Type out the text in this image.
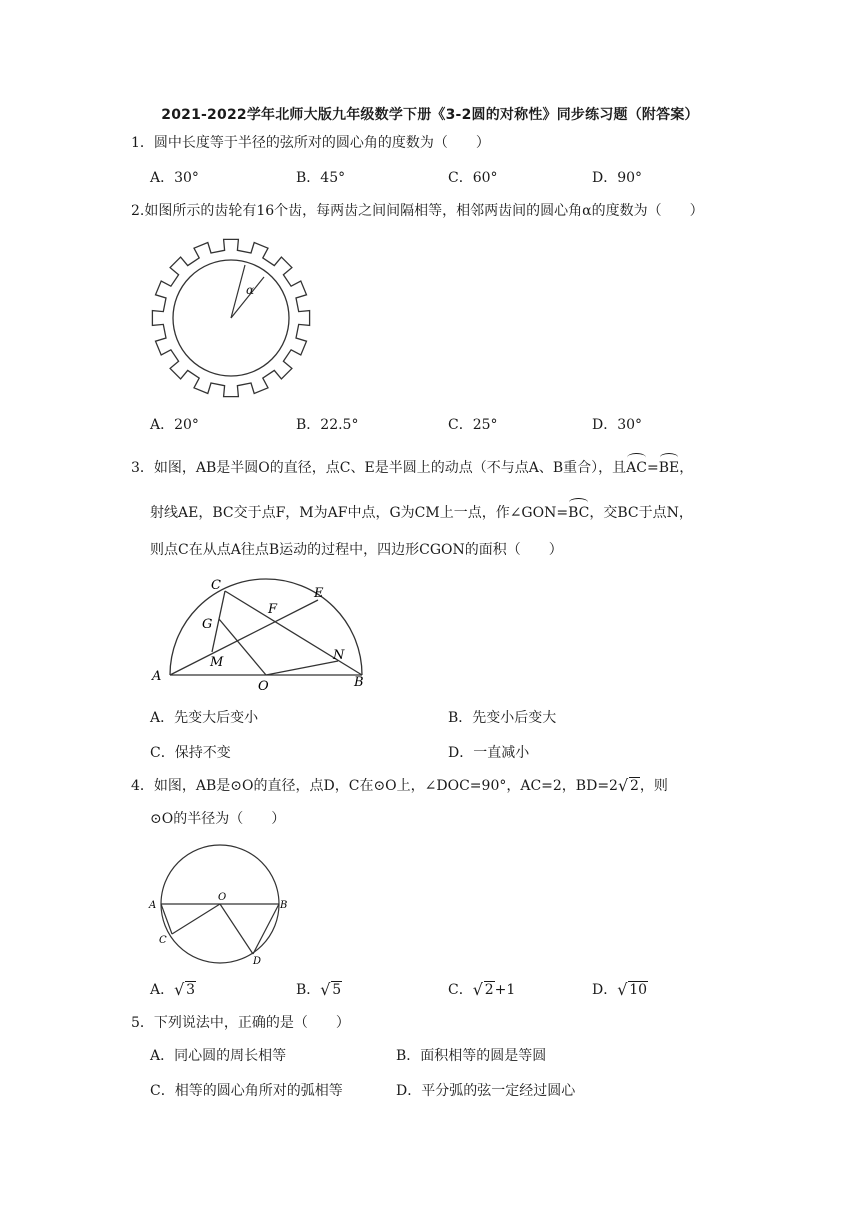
2021-2022学年北师大版九年级数学下册《3-2圆的对称性》同步练习题（附答案）
1．圆中长度等于半径的弦所对的圆心角的度数为（　　）
A．30°	B．45°	C．60°	D．90°
2.如图所示的齿轮有16个齿，每两齿之间间隔相等，相邻两齿间的圆心角α的度数为（　　）
α
A．20°	B．22.5°	C．25°	D．30°
3．如图，AB是半圆O的直径，点C、E是半圆上的动点（不与点A、B重合），且AC=BE，
射线AE，BC交于点F，M为AF中点，G为CM上一点，作∠GON=BC，交BC于点N，
则点C在从点A往点B运动的过程中，四边形CGON的面积（　　）
A	B
C
E
F
G
M	N
O
A．先变大后变小	B．先变小后变大
C．保持不变	D．一直减小
4．如图，AB是⊙O的直径，点D，C在⊙O上，∠DOC=90°，AC=2，BD=2 √ 2，则
⊙O的半径为（　　）
A	B
C
D
O
A． √ 3	B． √ 5	C． √ 2+1	D． √ 10
5．下列说法中，正确的是（　　）
A．同心圆的周长相等	B．面积相等的圆是等圆
C．相等的圆心角所对的弧相等	D．平分弧的弦一定经过圆心
